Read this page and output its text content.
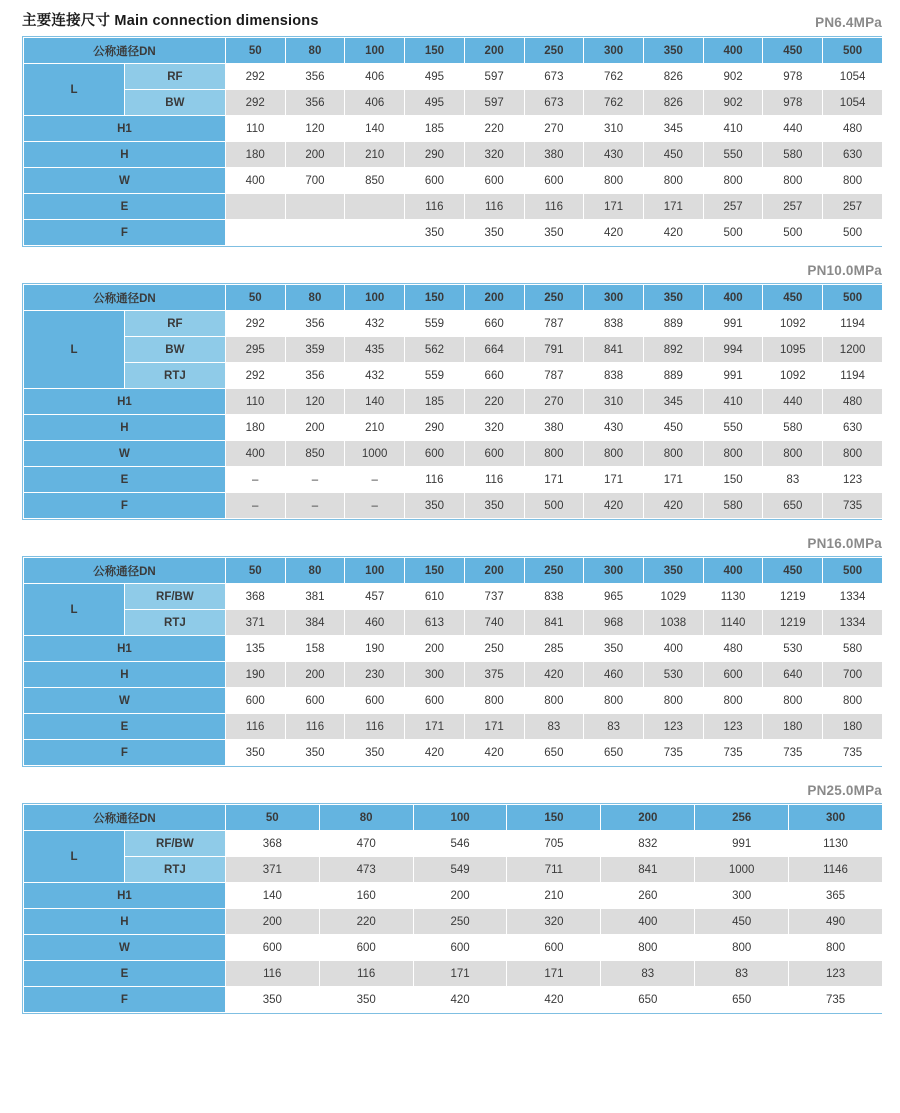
主要连接尺寸 Main connection dimensions	PN6.4MPa
公称通径DN		50	80	100	150	200	250	300	350	400	450	500
L	RF	292	356	406	495	597	673	762	826	902	978	1054
	BW	292	356	406	495	597	673	762	826	902	978	1054
H1		110	120	140	185	220	270	310	345	410	440	480
H		180	200	210	290	320	380	430	450	550	580	630
W		400	700	850	600	600	600	800	800	800	800	800
E					116	116	116	171	171	257	257	257
F					350	350	350	420	420	500	500	500
PN10.0MPa
公称通径DN		50	80	100	150	200	250	300	350	400	450	500
L	RF	292	356	432	559	660	787	838	889	991	1092	1194
	BW	295	359	435	562	664	791	841	892	994	1095	1200
	RTJ	292	356	432	559	660	787	838	889	991	1092	1194
H1		110	120	140	185	220	270	310	345	410	440	480
H		180	200	210	290	320	380	430	450	550	580	630
W		400	850	1000	600	600	800	800	800	800	800	800
E		–	–	–	116	116	171	171	171	150	83	123
F		–	–	–	350	350	500	420	420	580	650	735
PN16.0MPa
公称通径DN		50	80	100	150	200	250	300	350	400	450	500
L	RF/BW	368	381	457	610	737	838	965	1029	1130	1219	1334
	RTJ	371	384	460	613	740	841	968	1038	1140	1219	1334
H1		135	158	190	200	250	285	350	400	480	530	580
H		190	200	230	300	375	420	460	530	600	640	700
W		600	600	600	600	800	800	800	800	800	800	800
E		116	116	116	171	171	83	83	123	123	180	180
F		350	350	350	420	420	650	650	735	735	735	735
PN25.0MPa
公称通径DN		50	80	100	150	200	256	300
L	RF/BW	368	470	546	705	832	991	1130
	RTJ	371	473	549	711	841	1000	1146
H1		140	160	200	210	260	300	365
H		200	220	250	320	400	450	490
W		600	600	600	600	800	800	800
E		116	116	171	171	83	83	123
F		350	350	420	420	650	650	735
